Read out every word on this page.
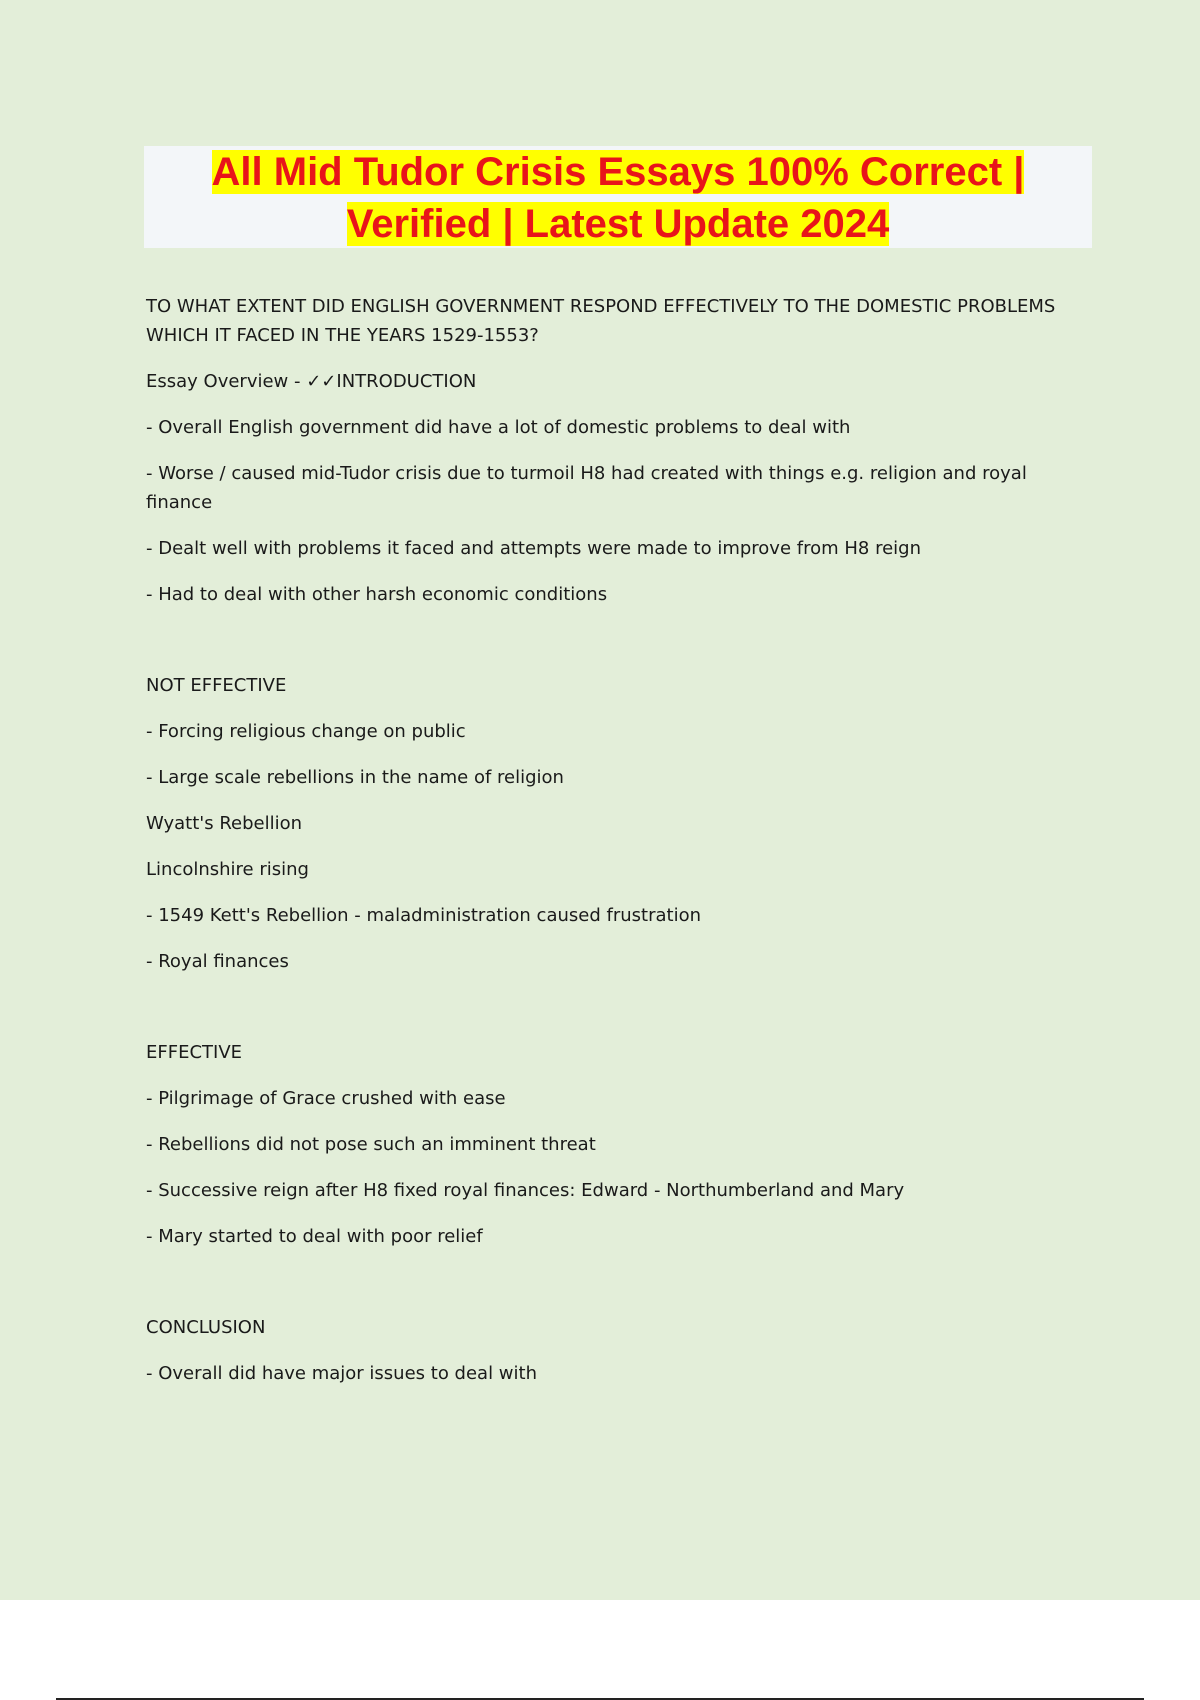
All Mid Tudor Crisis Essays 100% Correct |
Verified | Latest Update 2024

TO WHAT EXTENT DID ENGLISH GOVERNMENT RESPOND EFFECTIVELY TO THE DOMESTIC PROBLEMS WHICH IT FACED IN THE YEARS 1529-1553?

Essay Overview - ✓✓INTRODUCTION

- Overall English government did have a lot of domestic problems to deal with

- Worse / caused mid-Tudor crisis due to turmoil H8 had created with things e.g. religion and royal finance

- Dealt well with problems it faced and attempts were made to improve from H8 reign

- Had to deal with other harsh economic conditions

NOT EFFECTIVE

- Forcing religious change on public

- Large scale rebellions in the name of religion

Wyatt's Rebellion

Lincolnshire rising

- 1549 Kett's Rebellion - maladministration caused frustration

- Royal finances

EFFECTIVE

- Pilgrimage of Grace crushed with ease

- Rebellions did not pose such an imminent threat

- Successive reign after H8 fixed royal finances: Edward - Northumberland and Mary

- Mary started to deal with poor relief

CONCLUSION

- Overall did have major issues to deal with
